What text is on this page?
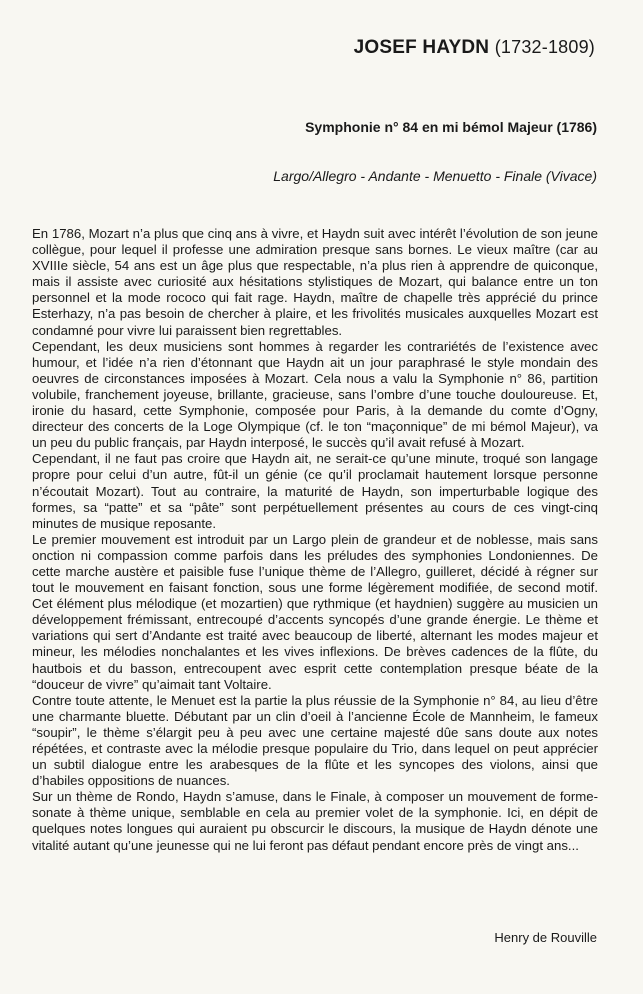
JOSEF HAYDN (1732-1809)
Symphonie n° 84 en mi bémol Majeur (1786)
Largo/Allegro - Andante - Menuetto - Finale (Vivace)

En 1786, Mozart n’a plus que cinq ans à vivre, et Haydn suit avec intérêt l’évolution de son jeune collègue, pour lequel il professe une admiration presque sans bornes. Le vieux maître (car au XVIIIe siècle, 54 ans est un âge plus que respectable, n’a plus rien à apprendre de quiconque, mais il assiste avec curiosité aux hésitations stylistiques de Mozart, qui balance entre un ton personnel et la mode rococo qui fait rage. Haydn, maître de chapelle très apprécié du prince Esterhazy, n’a pas besoin de chercher à plaire, et les frivolités musicales auxquelles Mozart est condamné pour vivre lui paraissent bien regrettables.

Cependant, les deux musiciens sont hommes à regarder les contrariétés de l’existence avec humour, et l’idée n’a rien d’étonnant que Haydn ait un jour paraphrasé le style mondain des oeuvres de circonstances imposées à Mozart. Cela nous a valu la Symphonie n° 86, partition volubile, franchement joyeuse, brillante, gracieuse, sans l’ombre d’une touche douloureuse. Et, ironie du hasard, cette Symphonie, composée pour Paris, à la demande du comte d’Ogny, directeur des concerts de la Loge Olympique (cf. le ton “maçonnique” de mi bémol Majeur), va un peu du public français, par Haydn interposé, le succès qu’il avait refusé à Mozart.

Cependant, il ne faut pas croire que Haydn ait, ne serait-ce qu’une minute, troqué son langage propre pour celui d’un autre, fût-il un génie (ce qu’il proclamait hautement lorsque personne n’écoutait Mozart). Tout au contraire, la maturité de Haydn, son imperturbable logique des formes, sa “patte” et sa “pâte” sont perpétuellement présentes au cours de ces vingt-cinq minutes de musique reposante.

Le premier mouvement est introduit par un Largo plein de grandeur et de noblesse, mais sans onction ni compassion comme parfois dans les préludes des symphonies Londoniennes. De cette marche austère et paisible fuse l’unique thème de l’Allegro, guilleret, décidé à régner sur tout le mouvement en faisant fonction, sous une forme légèrement modifiée, de second motif. Cet élément plus mélodique (et mozartien) que rythmique (et haydnien) suggère au musicien un développement frémissant, entrecoupé d’accents syncopés d’une grande énergie. Le thème et variations qui sert d’Andante est traité avec beaucoup de liberté, alternant les modes majeur et mineur, les mélodies nonchalantes et les vives inflexions. De brèves cadences de la flûte, du hautbois et du basson, entrecoupent avec esprit cette contemplation presque béate de la “douceur de vivre” qu’aimait tant Voltaire.

Contre toute attente, le Menuet est la partie la plus réussie de la Symphonie n° 84, au lieu d’être une charmante bluette. Débutant par un clin d’oeil à l’ancienne École de Mannheim, le fameux “soupir”, le thème s’élargit peu à peu avec une certaine majesté dûe sans doute aux notes répétées, et contraste avec la mélodie presque populaire du Trio, dans lequel on peut apprécier un subtil dialogue entre les arabesques de la flûte et les syncopes des violons, ainsi que d’habiles oppositions de nuances.

Sur un thème de Rondo, Haydn s’amuse, dans le Finale, à composer un mouvement de forme-sonate à thème unique, semblable en cela au premier volet de la symphonie. Ici, en dépit de quelques notes longues qui auraient pu obscurcir le discours, la musique de Haydn dénote une vitalité autant qu’une jeunesse qui ne lui feront pas défaut pendant encore près de vingt ans...

Henry de Rouville
